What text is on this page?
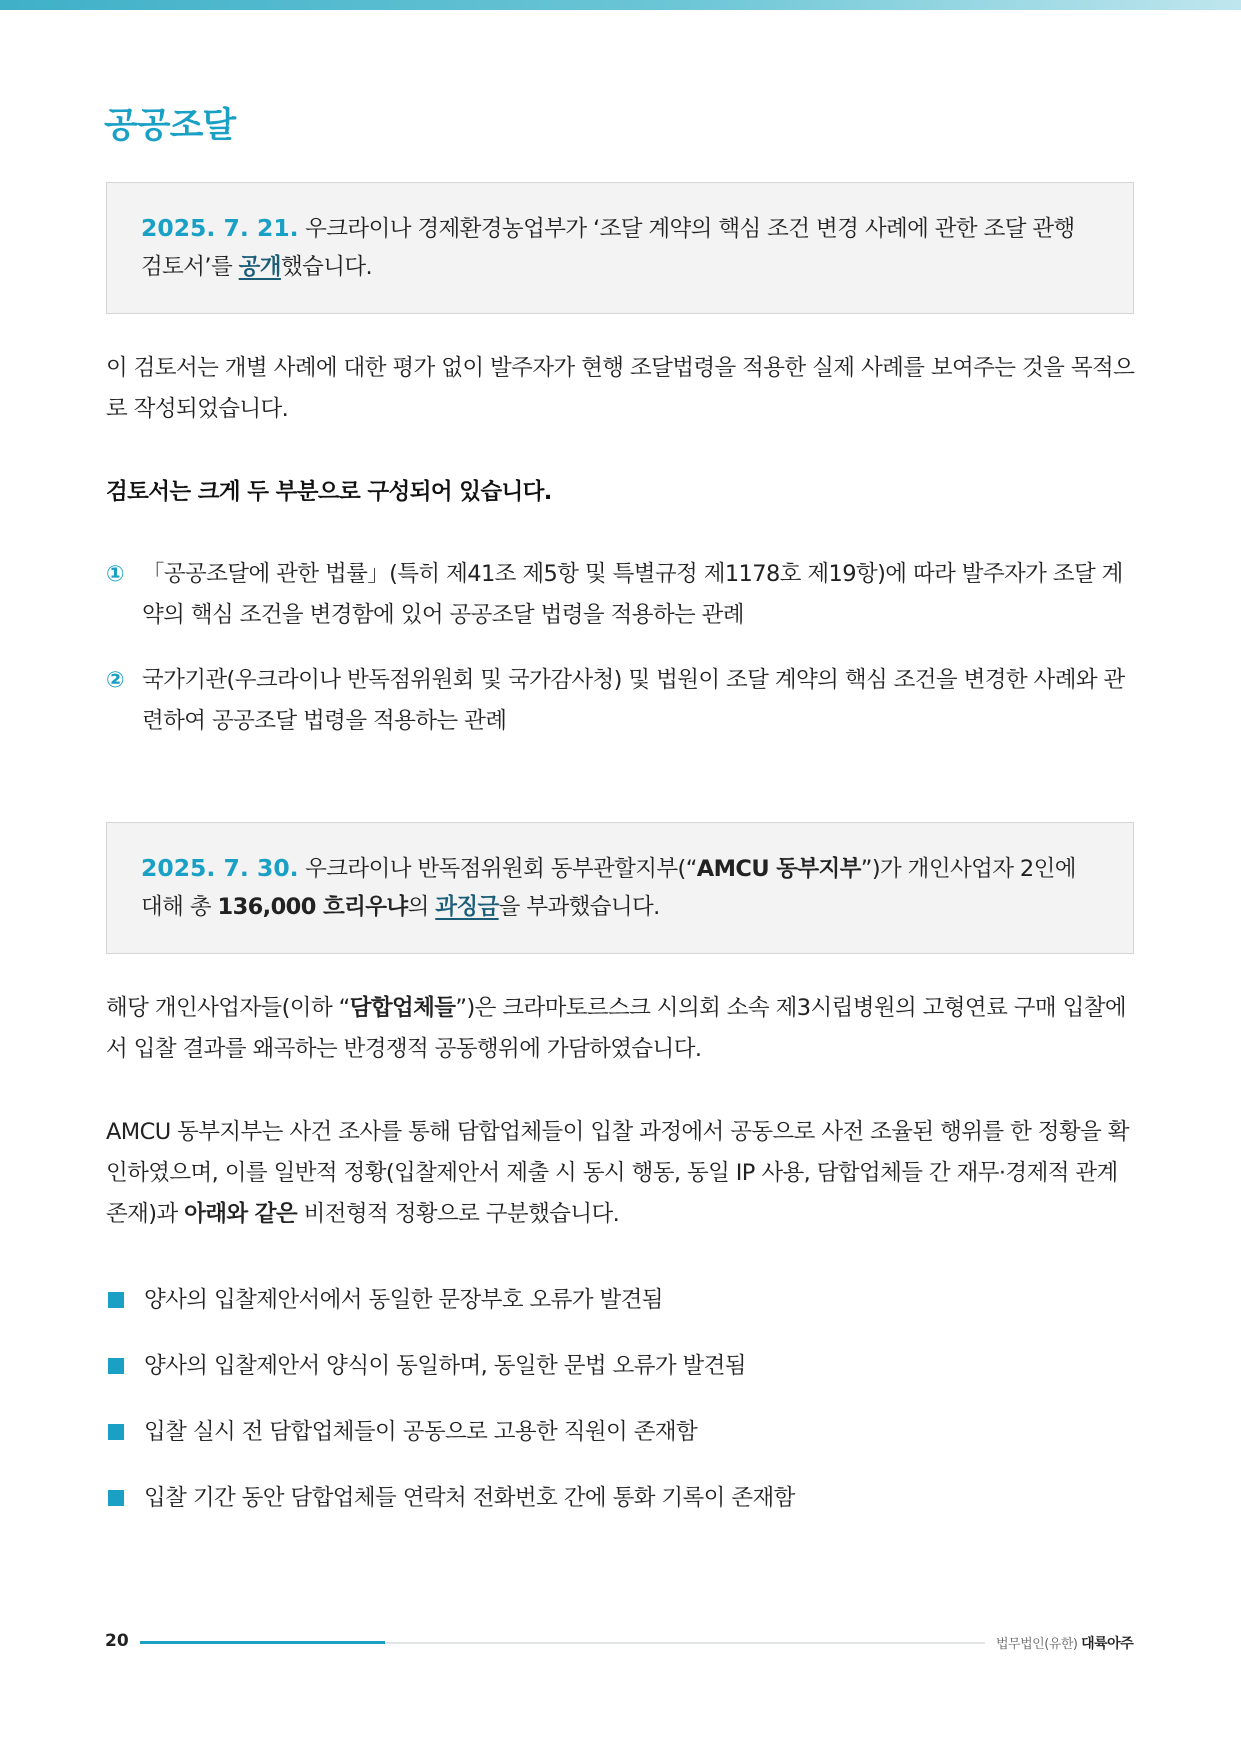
공공조달
2025. 7. 21. 우크라이나 경제환경농업부가 ‘조달 계약의 핵심 조건 변경 사례에 관한 조달 관행 검토서’를 공개했습니다.

이 검토서는 개별 사례에 대한 평가 없이 발주자가 현행 조달법령을 적용한 실제 사례를 보여주는 것을 목적으로 작성되었습니다.

검토서는 크게 두 부분으로 구성되어 있습니다.

① 「공공조달에 관한 법률」(특히 제41조 제5항 및 특별규정 제1178호 제19항)에 따라 발주자가 조달 계약의 핵심 조건을 변경함에 있어 공공조달 법령을 적용하는 관례
② 국가기관(우크라이나 반독점위원회 및 국가감사청) 및 법원이 조달 계약의 핵심 조건을 변경한 사례와 관련하여 공공조달 법령을 적용하는 관례
2025. 7. 30. 우크라이나 반독점위원회 동부관할지부(“AMCU 동부지부”)가 개인사업자 2인에 대해 총 136,000 흐리우냐의 과징금을 부과했습니다.

해당 개인사업자들(이하 “담합업체들”)은 크라마토르스크 시의회 소속 제3시립병원의 고형연료 구매 입찰에서 입찰 결과를 왜곡하는 반경쟁적 공동행위에 가담하였습니다.

AMCU 동부지부는 사건 조사를 통해 담합업체들이 입찰 과정에서 공동으로 사전 조율된 행위를 한 정황을 확인하였으며, 이를 일반적 정황(입찰제안서 제출 시 동시 행동, 동일 IP 사용, 담합업체들 간 재무·경제적 관계 존재)과 아래와 같은 비전형적 정황으로 구분했습니다.

양사의 입찰제안서에서 동일한 문장부호 오류가 발견됨
양사의 입찰제안서 양식이 동일하며, 동일한 문법 오류가 발견됨
입찰 실시 전 담합업체들이 공동으로 고용한 직원이 존재함
입찰 기간 동안 담합업체들 연락처 전화번호 간에 통화 기록이 존재함
20	법무법인(유한) 대륙아주
